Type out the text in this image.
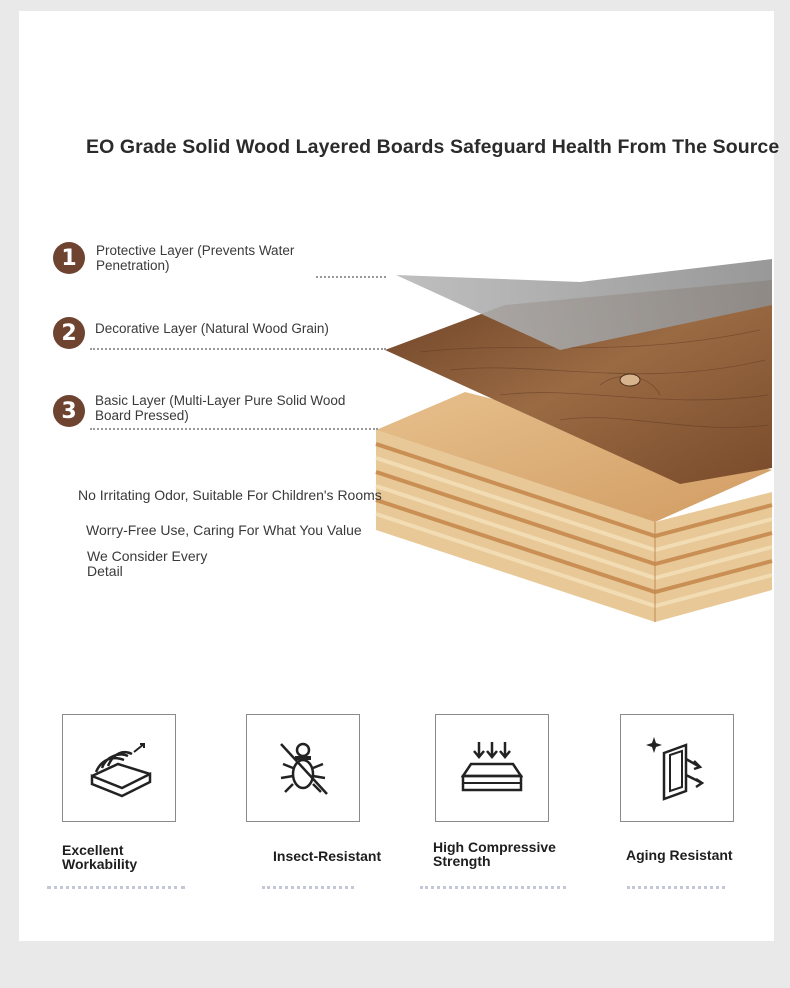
EO Grade Solid Wood Layered Boards Safeguard Health From The Source
1	Protective Layer (Prevents Water Penetration)
2	Decorative Layer (Natural Wood Grain)
3	Basic Layer (Multi-Layer Pure Solid Wood Board Pressed)
No Irritating Odor, Suitable For Children's Rooms
Worry-Free Use, Caring For What You Value
We Consider Every Detail
Excellent Workability	Insect-Resistant
High Compressive Strength	Aging Resistant
